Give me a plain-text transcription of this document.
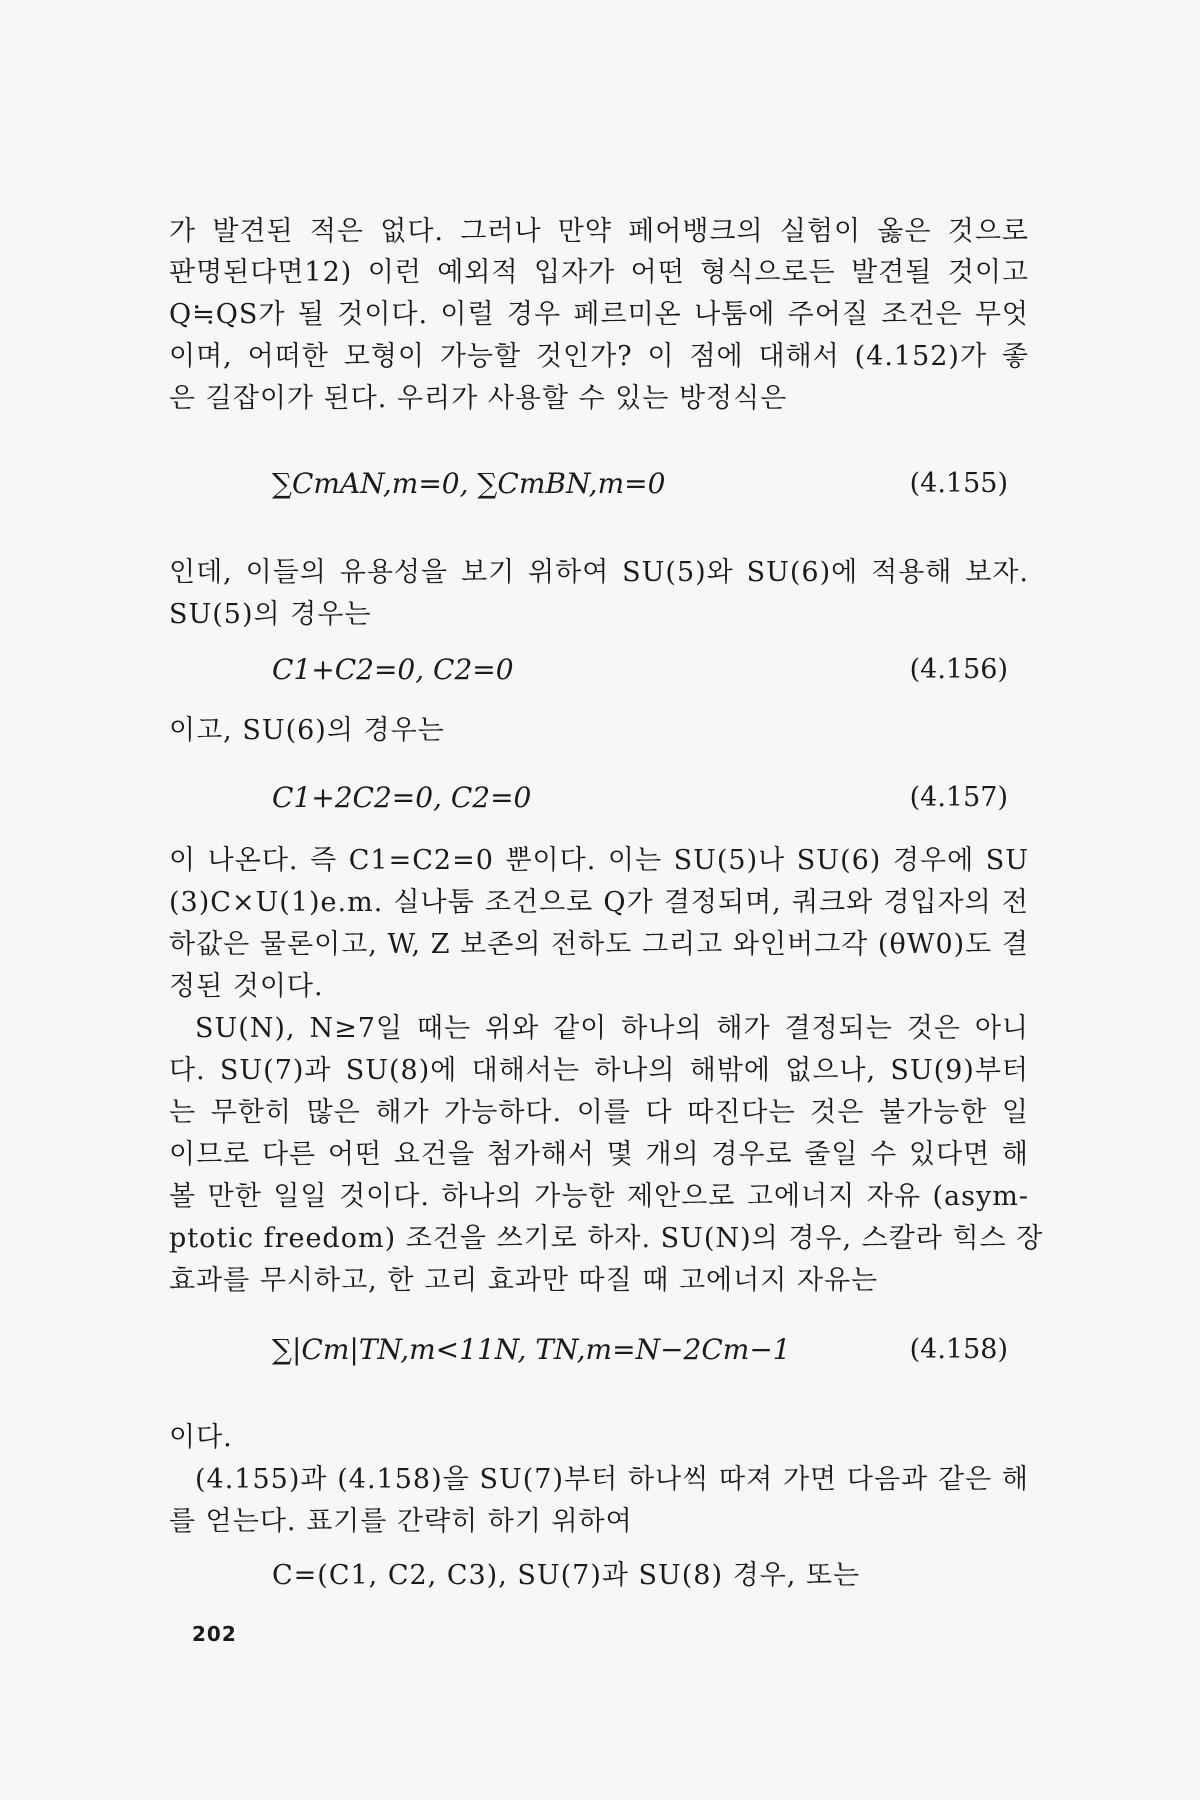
가 발견된 적은 없다. 그러나 만약 페어뱅크의 실험이 옳은 것으로
판명된다면12) 이런 예외적 입자가 어떤 형식으로든 발견될 것이고
Q≒QS가 될 것이다. 이럴 경우 페르미온 나툼에 주어질 조건은 무엇
이며, 어떠한 모형이 가능할 것인가? 이 점에 대해서 (4.152)가 좋
은 길잡이가 된다. 우리가 사용할 수 있는 방정식은
∑CmAN,m=0, ∑CmBN,m=0	(4.155)
인데, 이들의 유용성을 보기 위하여 SU(5)와 SU(6)에 적용해 보자.
SU(5)의 경우는
C1+C2=0, C2=0	(4.156)
이고, SU(6)의 경우는
C1+2C2=0, C2=0	(4.157)
이 나온다. 즉 C1=C2=0 뿐이다. 이는 SU(5)나 SU(6) 경우에 SU
(3)C×U(1)e.m. 실나툼 조건으로 Q가 결정되며, 쿼크와 경입자의 전
하값은 물론이고, W, Z 보존의 전하도 그리고 와인버그각 (θW0)도 결
정된 것이다.
SU(N), N≥7일 때는 위와 같이 하나의 해가 결정되는 것은 아니
다. SU(7)과 SU(8)에 대해서는 하나의 해밖에 없으나, SU(9)부터
는 무한히 많은 해가 가능하다. 이를 다 따진다는 것은 불가능한 일
이므로 다른 어떤 요건을 첨가해서 몇 개의 경우로 줄일 수 있다면 해
볼 만한 일일 것이다. 하나의 가능한 제안으로 고에너지 자유 (asym-
ptotic freedom) 조건을 쓰기로 하자. SU(N)의 경우, 스칼라 힉스 장
효과를 무시하고, 한 고리 효과만 따질 때 고에너지 자유는
∑|Cm|TN,m<11N, TN,m=N−2Cm−1	(4.158)
이다.
(4.155)과 (4.158)을 SU(7)부터 하나씩 따져 가면 다음과 같은 해
를 얻는다. 표기를 간략히 하기 위하여
C=(C1, C2, C3), SU(7)과 SU(8) 경우, 또는
202
